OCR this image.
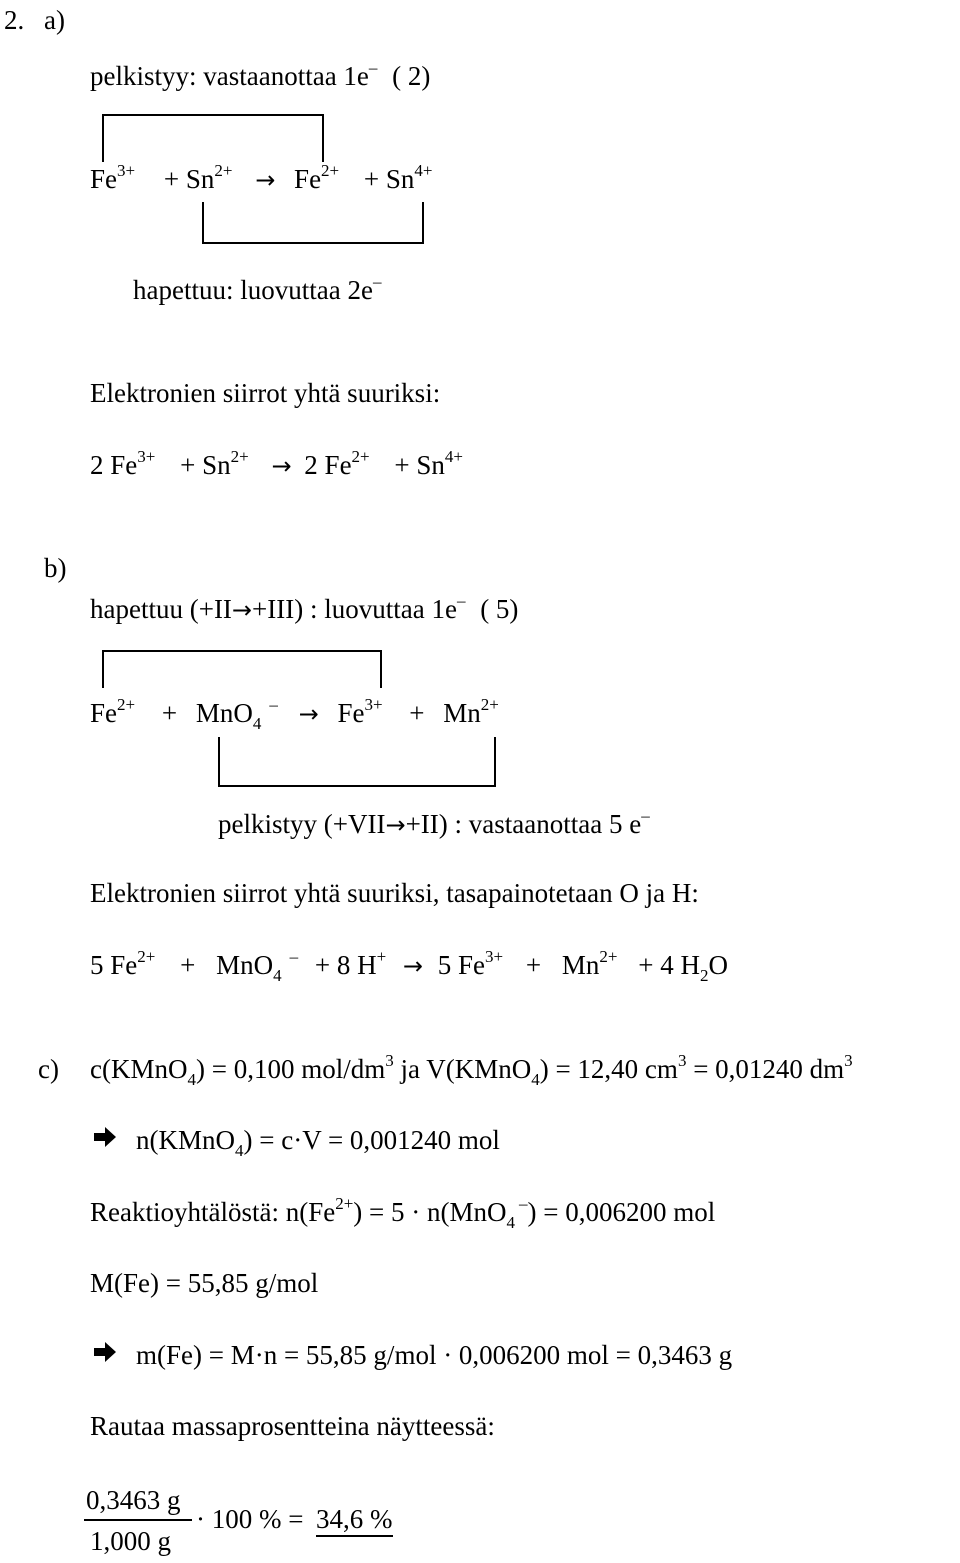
2. a)
pelkistyy: vastaanottaa 1e– ( 2)
$Fe^{3+} + Sn^{2+} \to Fe^{2+} + Sn^{4+}$
hapettuu: luovuttaa 2e–
Elektronien siirrot yhtä suuriksi:
2 $Fe^{3+} + Sn^{2+} \to 2$ $Fe^{2+} + Sn^{4+}$
b)
hapettuu (+II→+III) : luovuttaa 1e– ( 5)
$Fe^{2+} + MnO_4^- \to Fe^{3+} + Mn^{2+}$
pelkistyy (+VII→+II) : vastaanottaa 5 e–
Elektronien siirrot yhtä suuriksi, tasapainotetaan O ja H:
5 $Fe^{2+} + MnO_4^- + 8$ H+ → 5 $Fe^{3+} + Mn^{2+} + 4$ $H_2O$
c) c(KMnO$_4$) = 0,100 mol/$dm^3$ ja V(KMnO$_4$) = 12,40 $cm^3 = 0,01240$ $dm^3$
n(KMnO$_4$) = c·V = 0,001240 mol
Reaktioyhtälöstä: $n(Fe^{2+}) = 5 \cdot n(MnO_4^-) = 0,006200$ mol
M(Fe) = 55,85 g/mol
m(Fe) = M·n = 55,85 g/mol · 0,006200 mol = 0,3463 g
Rautaa massaprosentteina näytteessä:
0,3463 g
1,000 g
· 100 % = 34,6 %
